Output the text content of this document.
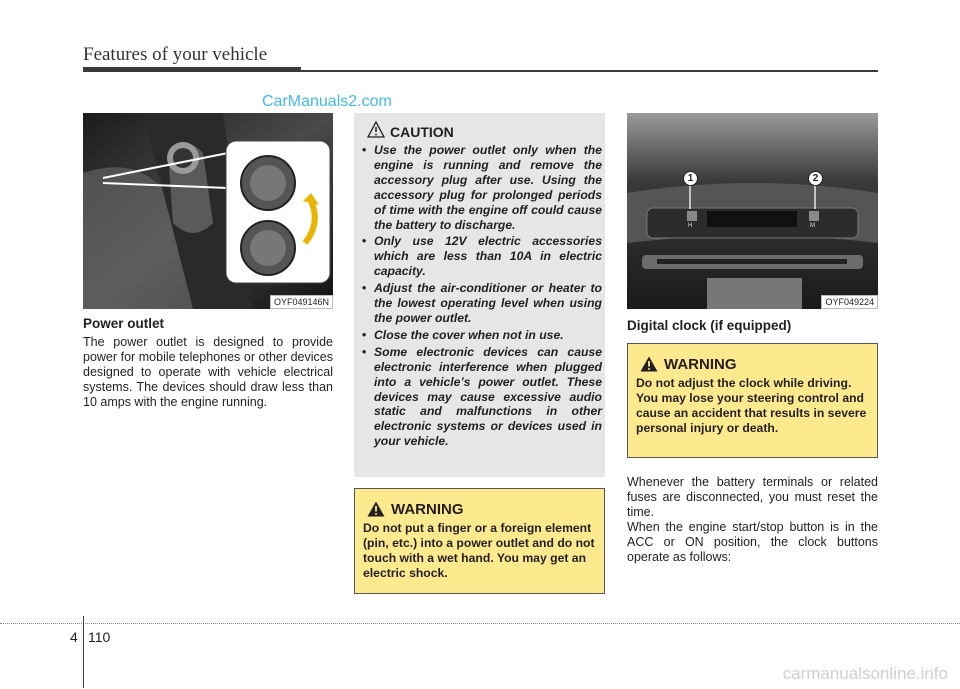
Features of your vehicle
CarManuals2.com
OYF049146N
Power outlet
The power outlet is designed to provide power for mobile telephones or other devices designed to operate with vehicle electrical systems. The devices should draw less than 10 amps with the engine running.
CAUTION
• Use the power outlet only when the engine is running and remove the accessory plug after use. Using the accessory plug for prolonged periods of time with the engine off could cause the battery to discharge.
• Only use 12V electric accessories which are less than 10A in electric capacity.
• Adjust the air-conditioner or heater to the lowest operating level when using the power outlet.
• Close the cover when not in use.
• Some electronic devices can cause electronic interference when plugged into a vehicle’s power outlet. These devices may cause excessive audio static and malfunctions in other electronic systems or devices used in your vehicle.
WARNING
Do not put a finger or a foreign element (pin, etc.) into a power outlet and do not touch with a wet hand. You may get an electric shock.
1	2
H	M
OYF049224
Digital clock (if equipped)
WARNING
Do not adjust the clock while driving. You may lose your steering control and cause an accident that results in severe personal injury or death.
Whenever the battery terminals or related fuses are disconnected, you must reset the time.
When the engine start/stop button is in the ACC or ON position, the clock buttons operate as follows:
4 110
carmanualsonline.info
